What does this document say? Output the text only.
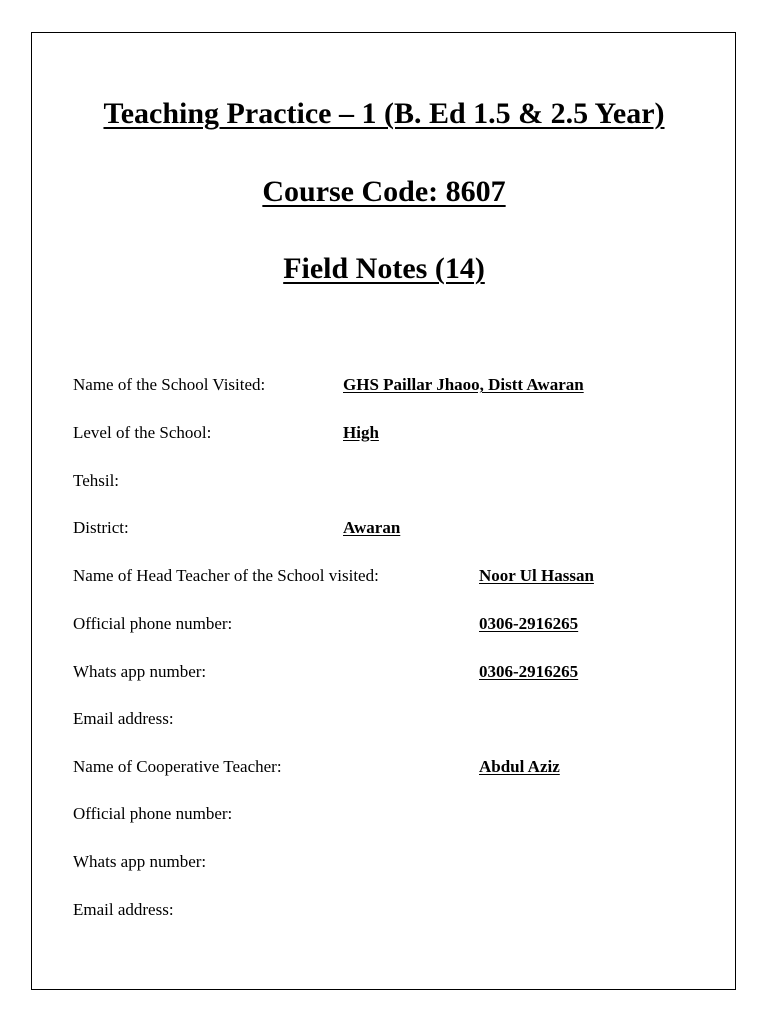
Teaching Practice – 1 (B. Ed 1.5 & 2.5 Year)
Course Code: 8607
Field Notes (14)
Name of the School Visited:	GHS Paillar Jhaoo, Distt Awaran
Level of the School:	High
Tehsil:
District:	Awaran
Name of Head Teacher of the School visited:	Noor Ul Hassan
Official phone number:	0306-2916265
Whats app number:	0306-2916265
Email address:
Name of Cooperative Teacher:	Abdul Aziz
Official phone number:
Whats app number:
Email address:
